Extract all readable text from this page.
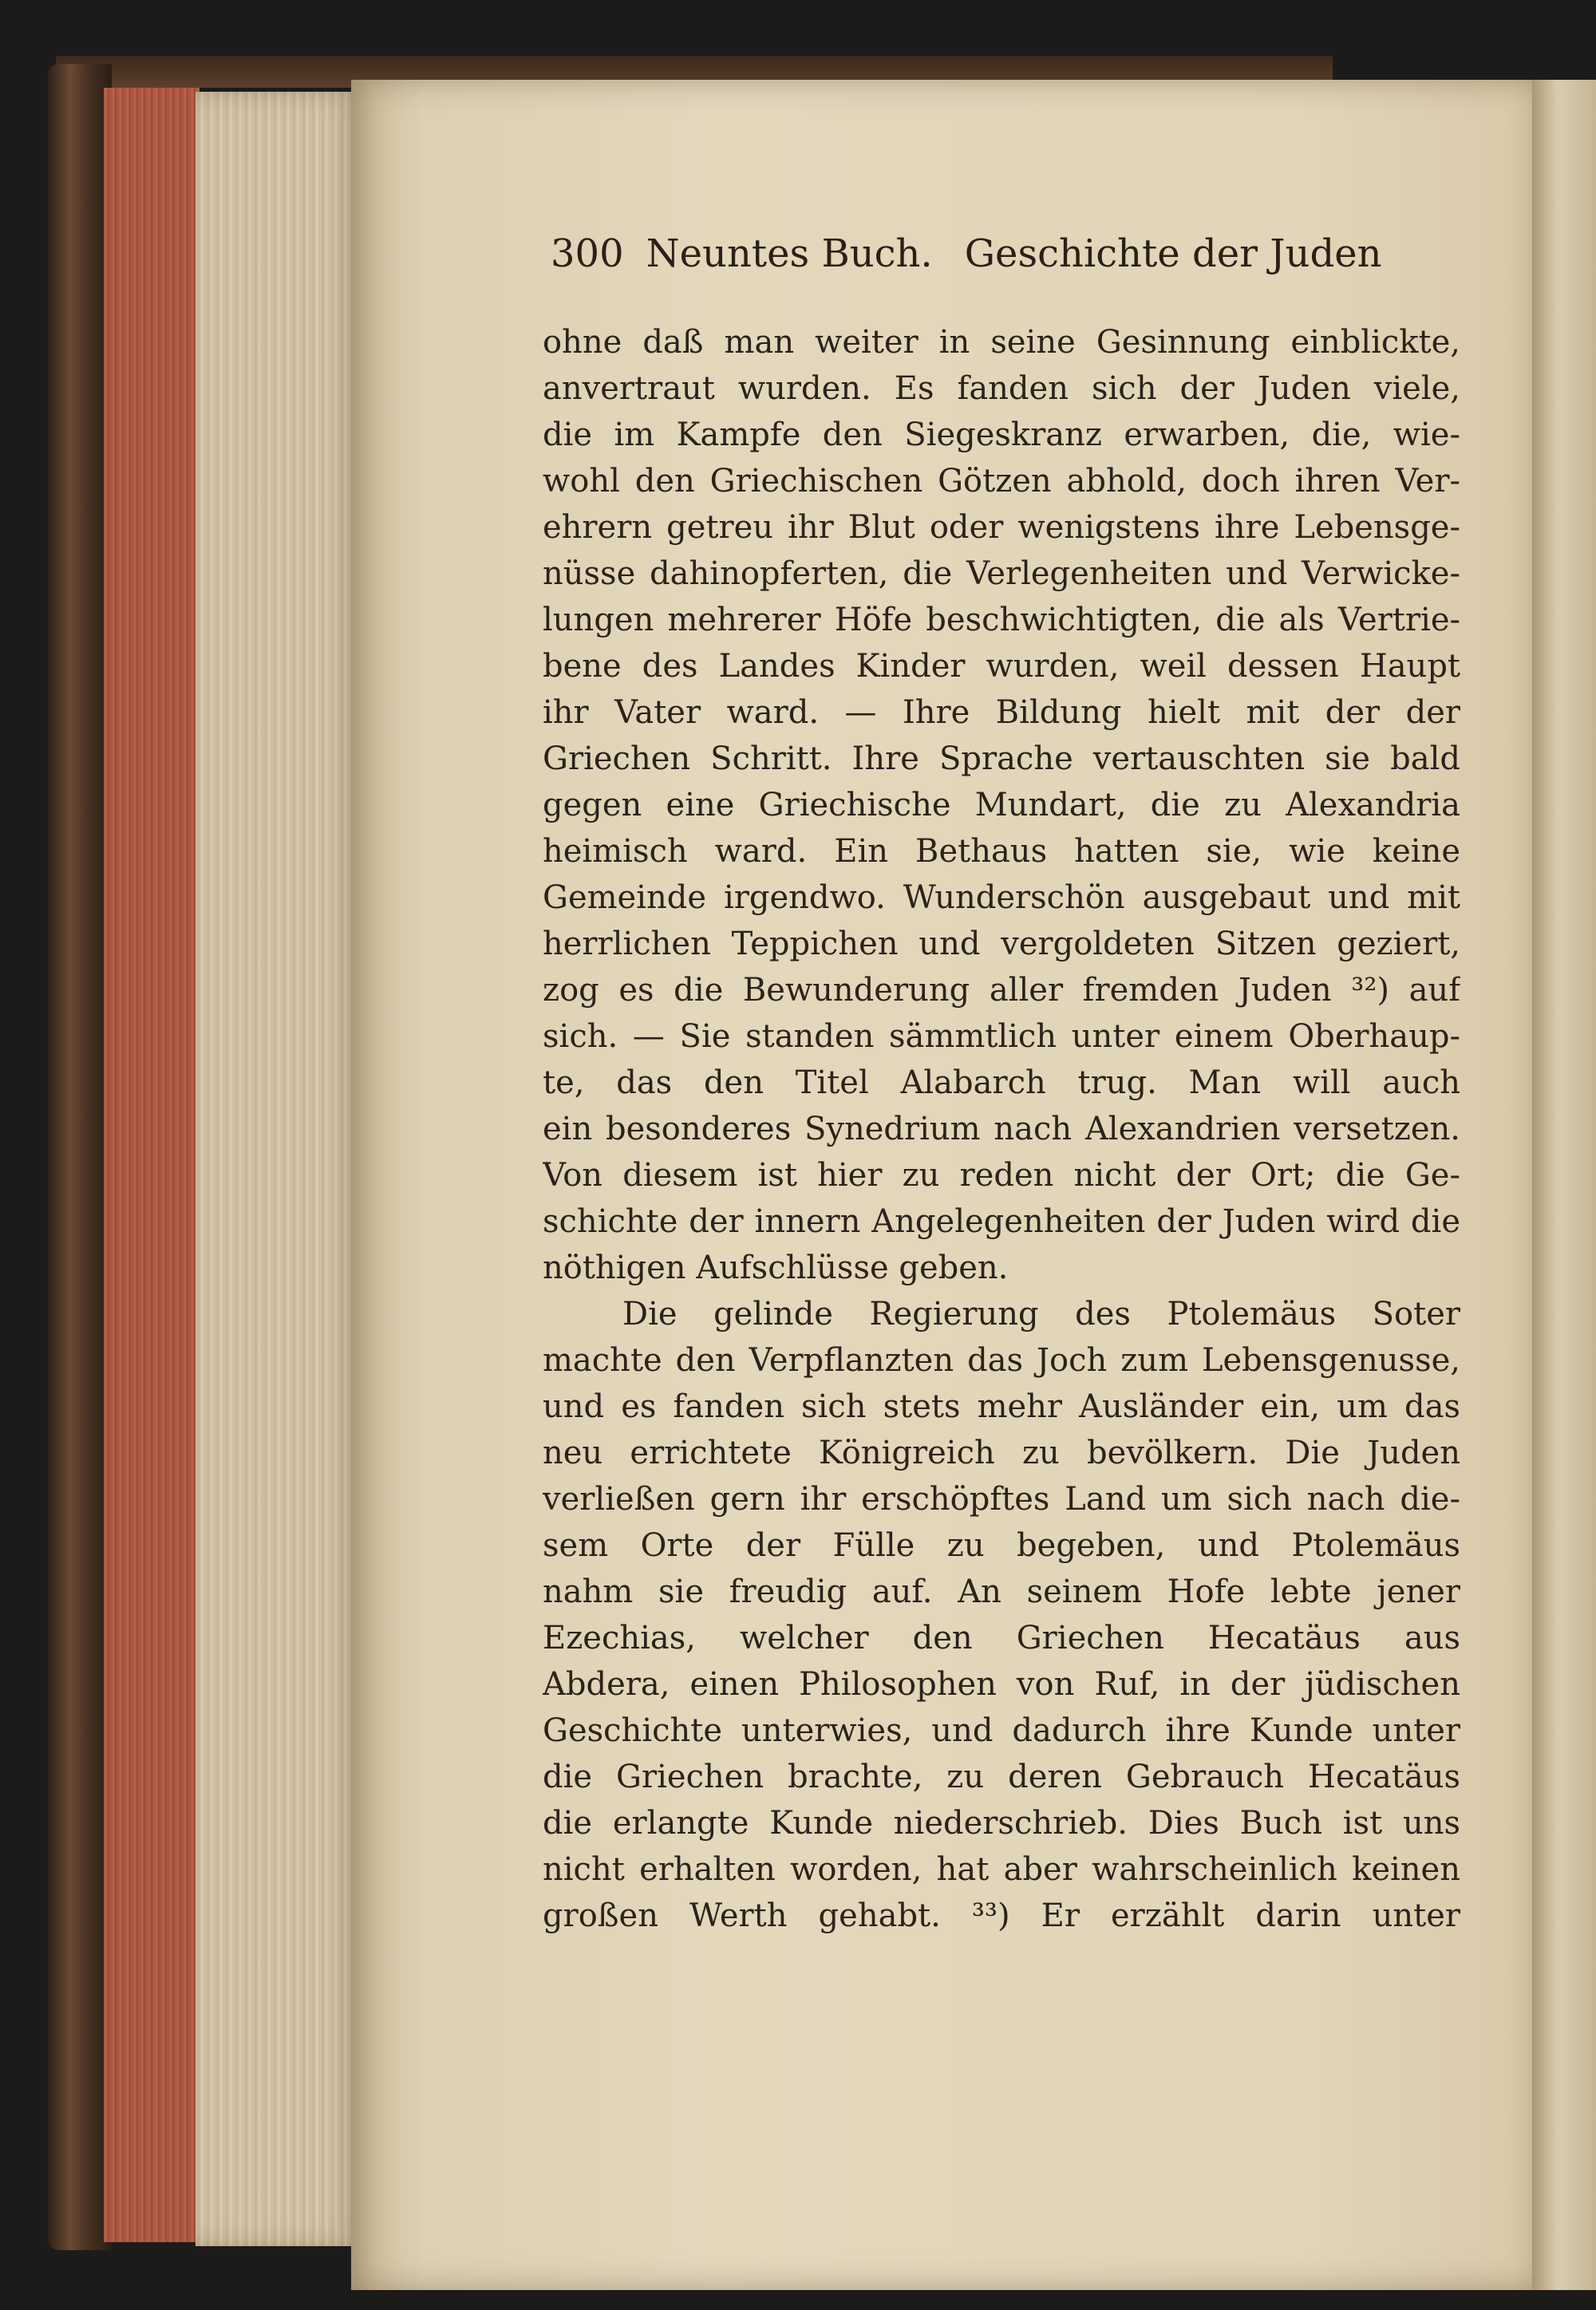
300 Neuntes Buch. Geschichte der Juden
ohne daß man weiter in seine Gesinnung einblickte,
anvertraut wurden. Es fanden sich der Juden viele,
die im Kampfe den Siegeskranz erwarben, die, wie-
wohl den Griechischen Götzen abhold, doch ihren Ver-
ehrern getreu ihr Blut oder wenigstens ihre Lebensge-
nüsse dahinopferten, die Verlegenheiten und Verwicke-
lungen mehrerer Höfe beschwichtigten, die als Vertrie-
bene des Landes Kinder wurden, weil dessen Haupt
ihr Vater ward. — Ihre Bildung hielt mit der der
Griechen Schritt. Ihre Sprache vertauschten sie bald
gegen eine Griechische Mundart, die zu Alexandria
heimisch ward. Ein Bethaus hatten sie, wie keine
Gemeinde irgendwo. Wunderschön ausgebaut und mit
herrlichen Teppichen und vergoldeten Sitzen geziert,
zog es die Bewunderung aller fremden Juden ³²) auf
sich. — Sie standen sämmtlich unter einem Oberhaup-
te, das den Titel Alabarch trug. Man will auch
ein besonderes Synedrium nach Alexandrien versetzen.
Von diesem ist hier zu reden nicht der Ort; die Ge-
schichte der innern Angelegenheiten der Juden wird die
nöthigen Aufschlüsse geben.
Die gelinde Regierung des Ptolemäus Soter
machte den Verpflanzten das Joch zum Lebensgenusse,
und es fanden sich stets mehr Ausländer ein, um das
neu errichtete Königreich zu bevölkern. Die Juden
verließen gern ihr erschöpftes Land um sich nach die-
sem Orte der Fülle zu begeben, und Ptolemäus
nahm sie freudig auf. An seinem Hofe lebte jener
Ezechias, welcher den Griechen Hecatäus aus
Abdera, einen Philosophen von Ruf, in der jüdischen
Geschichte unterwies, und dadurch ihre Kunde unter
die Griechen brachte, zu deren Gebrauch Hecatäus
die erlangte Kunde niederschrieb. Dies Buch ist uns
nicht erhalten worden, hat aber wahrscheinlich keinen
großen Werth gehabt. ³³) Er erzählt darin unter
